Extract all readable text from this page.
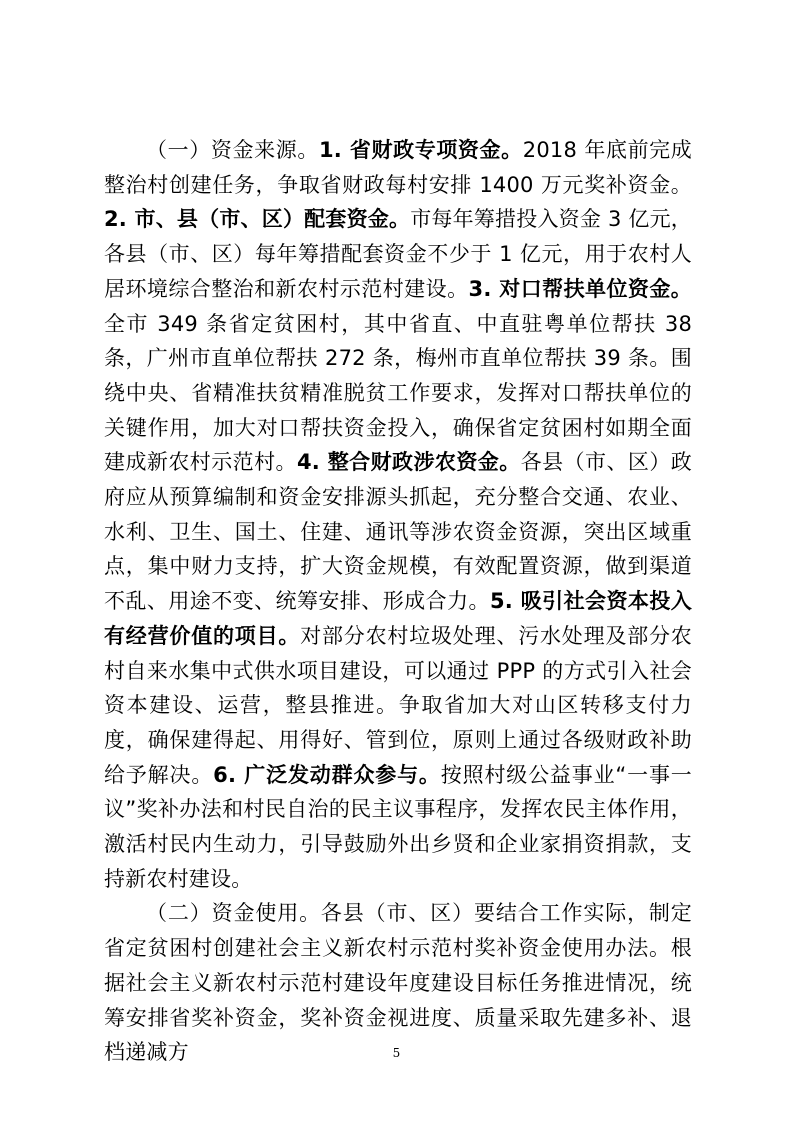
（一）资金来源。1. 省财政专项资金。2018 年底前完成整治村创建任务，争取省财政每村安排 1400 万元奖补资金。2. 市、县（市、区）配套资金。市每年筹措投入资金 3 亿元，各县（市、区）每年筹措配套资金不少于 1 亿元，用于农村人居环境综合整治和新农村示范村建设。3. 对口帮扶单位资金。全市 349 条省定贫困村，其中省直、中直驻粤单位帮扶 38 条，广州市直单位帮扶 272 条，梅州市直单位帮扶 39 条。围绕中央、省精准扶贫精准脱贫工作要求，发挥对口帮扶单位的关键作用，加大对口帮扶资金投入，确保省定贫困村如期全面建成新农村示范村。4. 整合财政涉农资金。各县（市、区）政府应从预算编制和资金安排源头抓起，充分整合交通、农业、水利、卫生、国土、住建、通讯等涉农资金资源，突出区域重点，集中财力支持，扩大资金规模，有效配置资源，做到渠道不乱、用途不变、统筹安排、形成合力。5. 吸引社会资本投入有经营价值的项目。对部分农村垃圾处理、污水处理及部分农村自来水集中式供水项目建设，可以通过 PPP 的方式引入社会资本建设、运营，整县推进。争取省加大对山区转移支付力度，确保建得起、用得好、管到位，原则上通过各级财政补助给予解决。6. 广泛发动群众参与。按照村级公益事业“一事一议”奖补办法和村民自治的民主议事程序，发挥农民主体作用，激活村民内生动力，引导鼓励外出乡贤和企业家捐资捐款，支持新农村建设。

（二）资金使用。各县（市、区）要结合工作实际，制定省定贫困村创建社会主义新农村示范村奖补资金使用办法。根据社会主义新农村示范村建设年度建设目标任务推进情况，统筹安排省奖补资金，奖补资金视进度、质量采取先建多补、退档递减方	5
